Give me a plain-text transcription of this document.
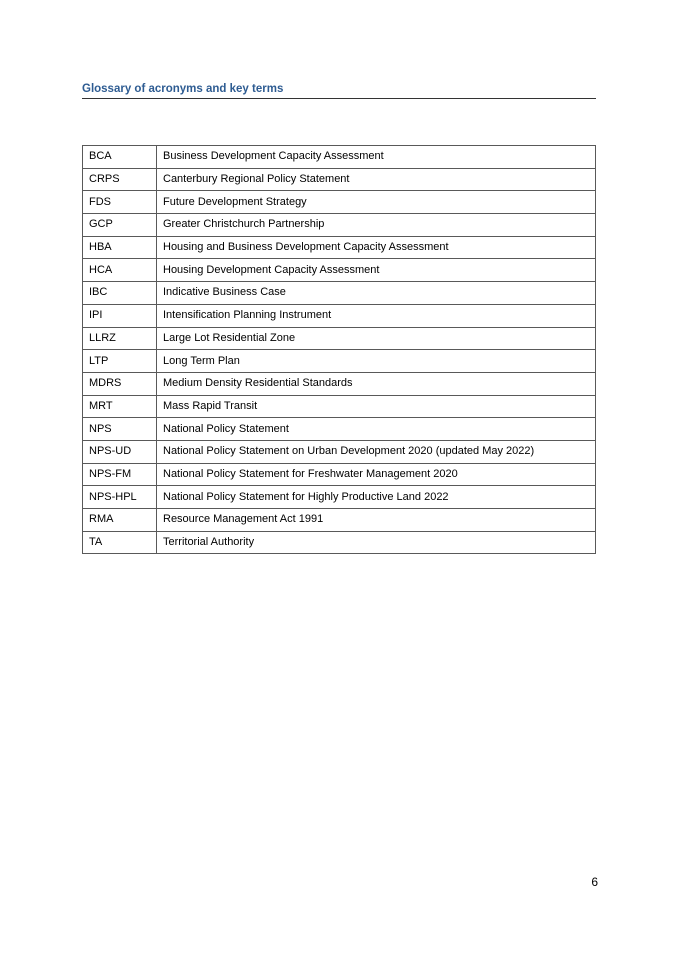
Glossary of acronyms and key terms
BCA	Business Development Capacity Assessment
CRPS	Canterbury Regional Policy Statement
FDS	Future Development Strategy
GCP	Greater Christchurch Partnership
HBA	Housing and Business Development Capacity Assessment
HCA	Housing Development Capacity Assessment
IBC	Indicative Business Case
IPI	Intensification Planning Instrument
LLRZ	Large Lot Residential Zone
LTP	Long Term Plan
MDRS	Medium Density Residential Standards
MRT	Mass Rapid Transit
NPS	National Policy Statement
NPS-UD	National Policy Statement on Urban Development 2020 (updated May 2022)
NPS-FM	National Policy Statement for Freshwater Management 2020
NPS-HPL	National Policy Statement for Highly Productive Land 2022
RMA	Resource Management Act 1991
TA	Territorial Authority
6
